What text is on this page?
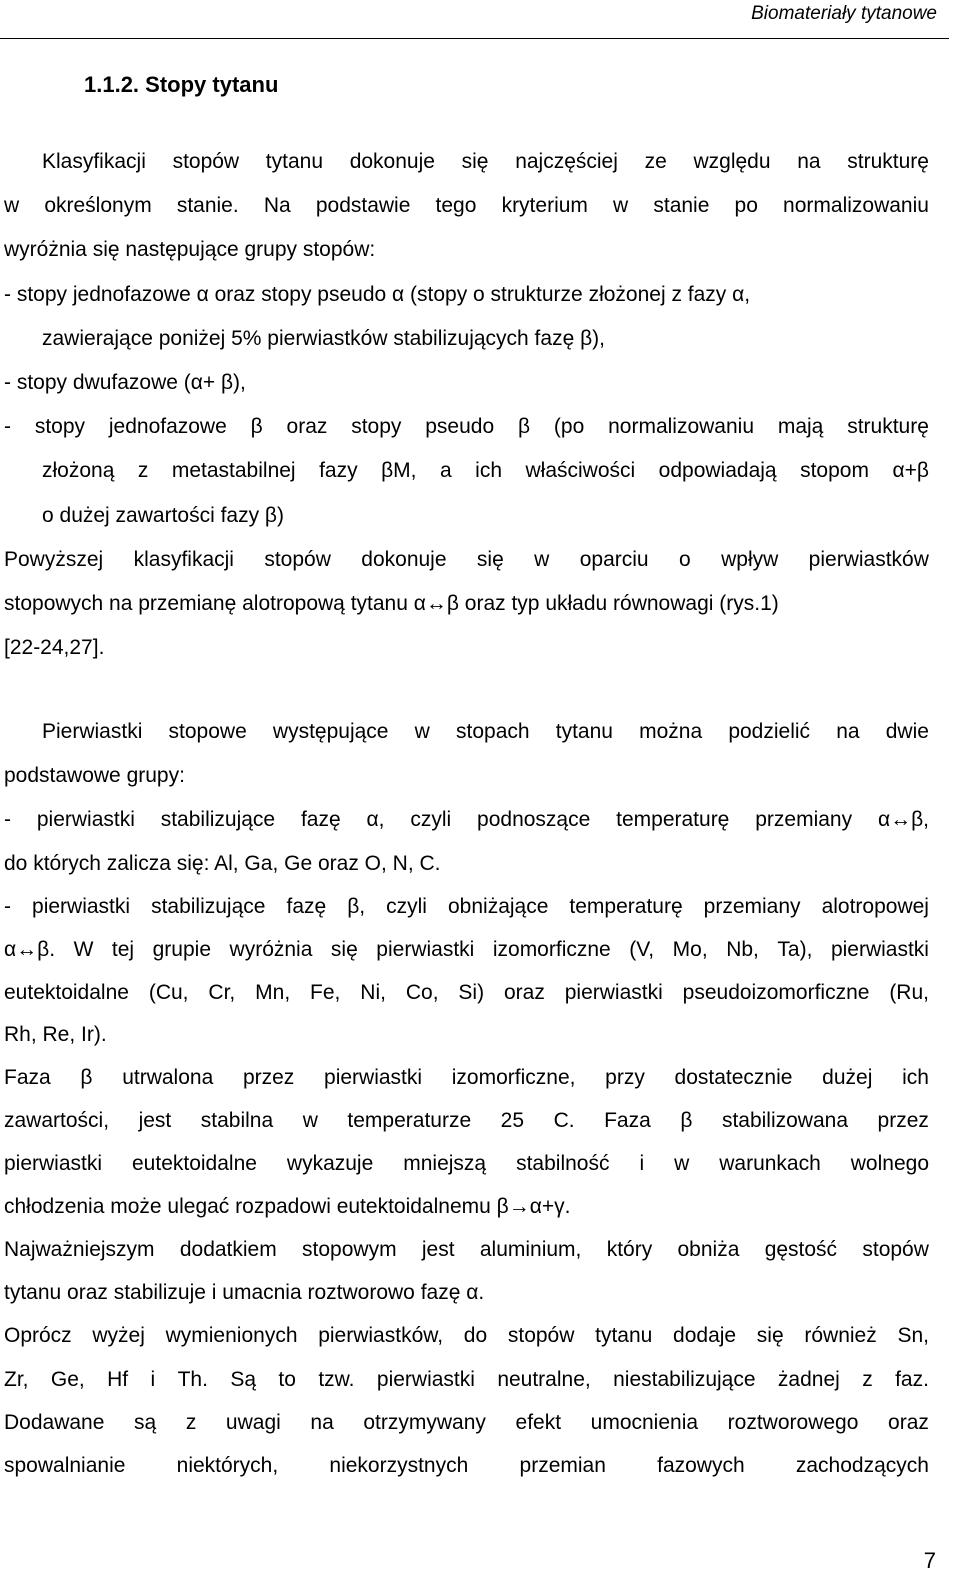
Biomateriały tytanowe
1.1.2. Stopy tytanu

Klasyfikacji stopów tytanu dokonuje się najczęściej ze względu na strukturę

w określonym stanie. Na podstawie tego kryterium w stanie po normalizowaniu

wyróżnia się następujące grupy stopów:

- stopy jednofazowe α oraz stopy pseudo α (stopy o strukturze złożonej z fazy α,

zawierające poniżej 5% pierwiastków stabilizujących fazę β),

- stopy dwufazowe (α+ β),

- stopy jednofazowe β oraz stopy pseudo β (po normalizowaniu mają strukturę

złożoną z metastabilnej fazy βM, a ich właściwości odpowiadają stopom α+β

o dużej zawartości fazy β)

Powyższej klasyfikacji stopów dokonuje się w oparciu o wpływ pierwiastków

stopowych na przemianę alotropową tytanu α↔β oraz typ układu równowagi (rys.1)

[22-24,27].

Pierwiastki stopowe występujące w stopach tytanu można podzielić na dwie

podstawowe grupy:

- pierwiastki stabilizujące fazę α, czyli podnoszące temperaturę przemiany α↔β,

do których zalicza się: Al, Ga, Ge oraz O, N, C.

- pierwiastki stabilizujące fazę β, czyli obniżające temperaturę przemiany alotropowej

α↔β. W tej grupie wyróżnia się pierwiastki izomorficzne (V, Mo, Nb, Ta), pierwiastki

eutektoidalne (Cu, Cr, Mn, Fe, Ni, Co, Si) oraz pierwiastki pseudoizomorficzne (Ru,

Rh, Re, Ir).

Faza β utrwalona przez pierwiastki izomorficzne, przy dostatecznie dużej ich

zawartości, jest stabilna w temperaturze 25 C. Faza β stabilizowana przez

pierwiastki eutektoidalne wykazuje mniejszą stabilność i w warunkach wolnego

chłodzenia może ulegać rozpadowi eutektoidalnemu β→α+γ.

Najważniejszym dodatkiem stopowym jest aluminium, który obniża gęstość stopów

tytanu oraz stabilizuje i umacnia roztworowo fazę α.

Oprócz wyżej wymienionych pierwiastków, do stopów tytanu dodaje się również Sn,

Zr, Ge, Hf i Th. Są to tzw. pierwiastki neutralne, niestabilizujące żadnej z faz.

Dodawane są z uwagi na otrzymywany efekt umocnienia roztworowego oraz

spowalnianie niektórych, niekorzystnych przemian fazowych zachodzących

7
